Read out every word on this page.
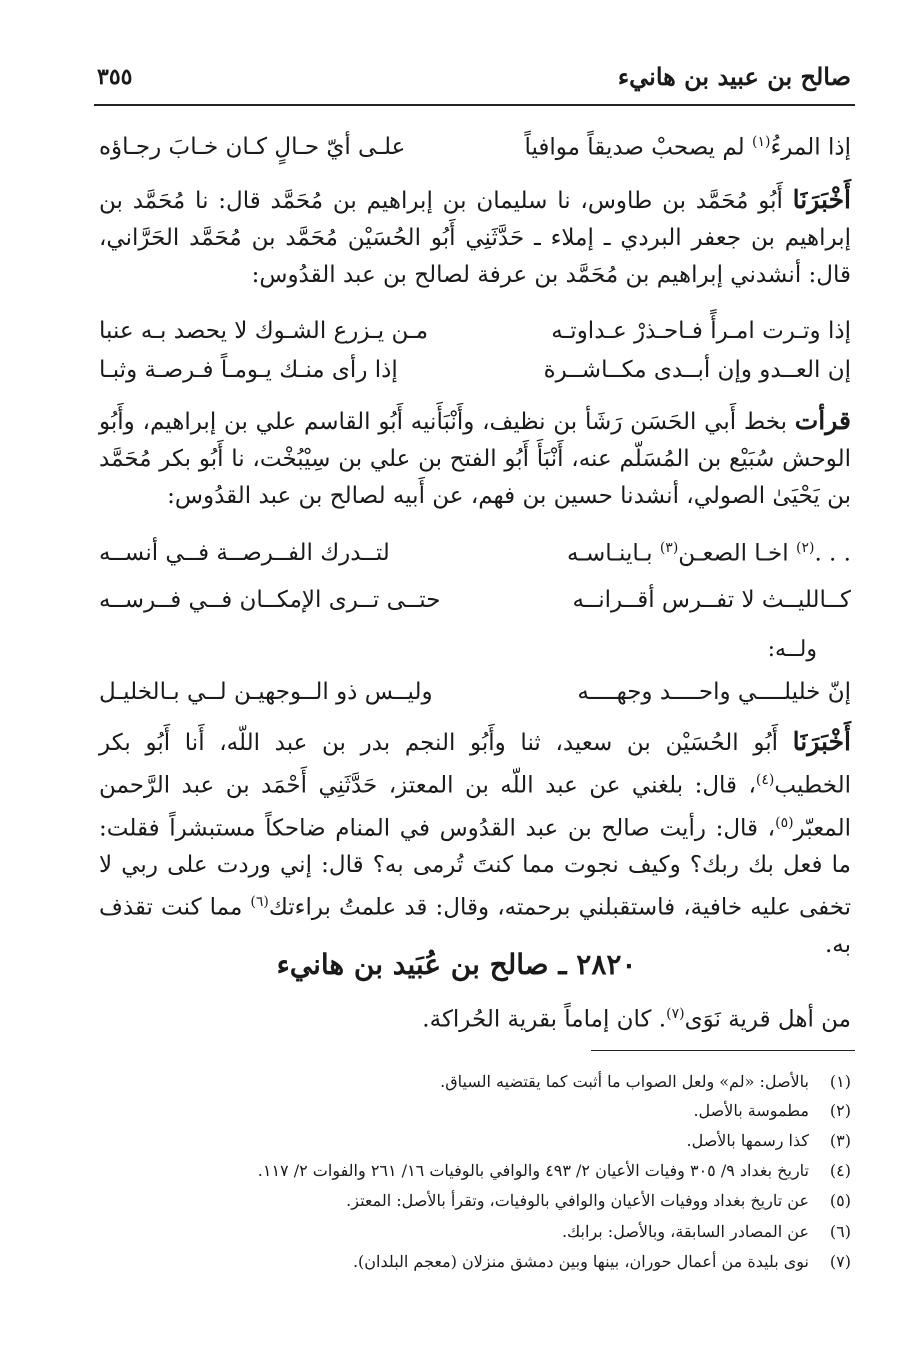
صالح بن عبيد بن هانيء
٣٥٥
إذا المرءُ$^{(١)}$ لم يصحبْ صديقاً موافياً
علـى أيّ حـالٍ كـان خـابَ رجـاؤه
أَخْبَرَنَا أَبُو مُحَمَّد بن طاوس، نا سليمان بن إبراهيم بن مُحَمَّد قال: نا مُحَمَّد بن إبراهيم بن جعفر البردي ـ إملاء ـ حَدَّثَنِي أَبُو الحُسَيْن مُحَمَّد بن مُحَمَّد الحَرَّاني، قال: أنشدني إبراهيم بن مُحَمَّد بن عرفة لصالح بن عبد القدُوس:
إذا وتـرت امـرأً فـاحـذرْ عـداوتـه
مـن يـزرع الشـوك لا يحصد بـه عنبا
إن العــدو وإن أبــدى مكــاشــرة
إذا رأى منـك يـومـاً فـرصـة وثبـا
قرأت بخط أَبي الحَسَن رَشَأ بن نظيف، وأَنْبَأَنيه أَبُو القاسم علي بن إبراهيم، وأَبُو الوحش سُبَيْع بن المُسَلّم عنه، أَنْبَأَ أَبُو الفتح بن علي بن سِيْبُخْت، نا أَبُو بكر مُحَمَّد بن يَحْيَىٰ الصولي، أنشدنا حسين بن فهم، عن أَبيه لصالح بن عبد القدُوس:
. . .$^{(٢)}$ اخـا الصعـن$^{(٣)}$ بـاينـاسـه
لتــدرك الفــرصــة فــي أنســه
كــالليــث لا تفــرس أقــرانــه
حتــى تــرى الإمكــان فــي فــرســه
ولــه:
إنّ خليلــــي واحــــد وجهــــه
وليــس ذو الــوجهيـن لــي بـالخليـل
أَخْبَرَنَا أَبُو الحُسَيْن بن سعيد، ثنا وأَبُو النجم بدر بن عبد اللّه، أَنا أَبُو بكر الخطيب$^{(٤)}$، قال: بلغني عن عبد اللّه بن المعتز، حَدَّثَنِي أَحْمَد بن عبد الرَّحمن المعبّر$^{(٥)}$، قال: رأيت صالح بن عبد القدُوس في المنام ضاحكاً مستبشراً فقلت: ما فعل بك ربك؟ وكيف نجوت مما كنتَ تُرمى به؟ قال: إني وردت على ربي لا تخفى عليه خافية، فاستقبلني برحمته، وقال: قد علمتُ براءتك$^{(٦)}$ مما كنت تقذف به.
٢٨٢٠ ـ صالح بن عُبَيد بن هانيء
من أهل قرية نَوَى$^{(٧)}$. كان إماماً بقرية الحُراكة.
(١)بالأصل: «لم» ولعل الصواب ما أثبت كما يقتضيه السياق.
(٢)مطموسة بالأصل.
(٣)كذا رسمها بالأصل.
(٤)تاريخ بغداد ٩/ ٣٠٥ وفيات الأعيان ٢/ ٤٩٣ والوافي بالوفيات ١٦/ ٢٦١ والفوات ٢/ ١١٧.
(٥)عن تاريخ بغداد ووفيات الأعيان والوافي بالوفيات، وتقرأ بالأصل: المعتز.
(٦)عن المصادر السابقة، وبالأصل: برابك.
(٧)نوى بليدة من أعمال حوران، بينها وبين دمشق منزلان (معجم البلدان).
